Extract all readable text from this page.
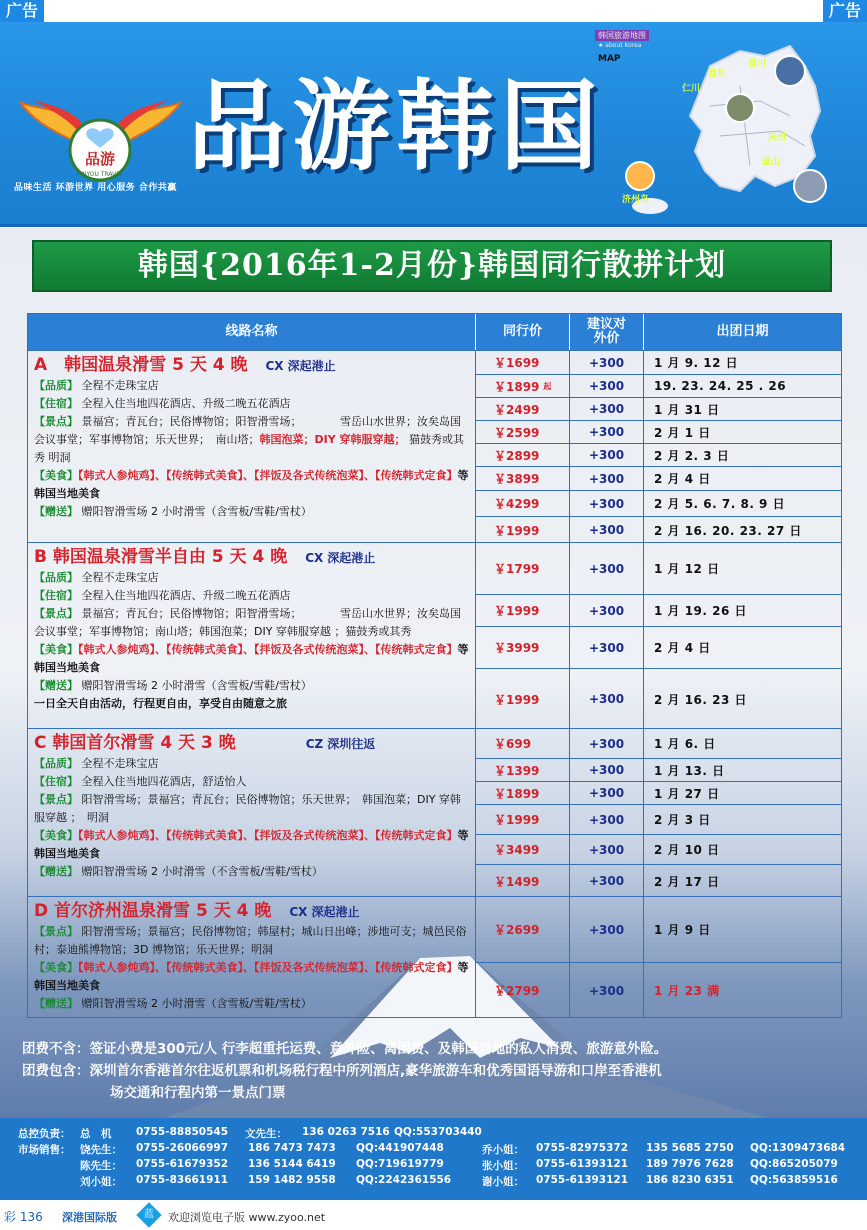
广告	广告
品游
PINYOU TRAVEL
品味生活 环游世界 用心服务 合作共赢
品游韩国
韩国旅游地图
★ about Korea
MAP
首尔
春川
仁川
庆州
釜山
济州岛
韩国{2016年1-2月份}韩国同行散拼计划
线路名称	同行价	建议对外价	出团日期
A　韩国温泉滑雪 5 天 4 晚 CX 深起港止
【品质】 全程不走珠宝店
【住宿】 全程入住当地四花酒店、升级二晚五花酒店
【景点】 景福宫；青瓦台；民俗博物馆；阳智滑雪场；　　　　雪岳山水世界；汝矣岛国会议事堂；军事博物馆；乐天世界；　南山塔；韩国泡菜；DIY 穿韩服穿越； 猫鼓秀或其秀 明洞
【美食】【韩式人参炖鸡】、【传统韩式美食】、【拌饭及各式传统泡菜】、【传统韩式定食】等韩国当地美食
【赠送】 赠阳智滑雪场 2 小时滑雪（含雪板/雪鞋/雪杖）
￥1699	+300	1 月 9. 12 日
￥1899 起	+300	19. 23. 24. 25 . 26
￥2499	+300	1 月 31 日
￥2599	+300	2 月 1 日
￥2899	+300	2 月 2. 3 日
￥3899	+300	2 月 4 日
￥4299	+300	2 月 5. 6. 7. 8. 9 日
￥1999	+300	2 月 16. 20. 23. 27 日
B 韩国温泉滑雪半自由 5 天 4 晚 CX 深起港止
【品质】 全程不走珠宝店
【住宿】 全程入住当地四花酒店、升级二晚五花酒店
【景点】 景福宫；青瓦台；民俗博物馆；阳智滑雪场；　　　　雪岳山水世界；汝矣岛国会议事堂；军事博物馆；南山塔；韩国泡菜；DIY 穿韩服穿越 ；猫鼓秀或其秀
【美食】【韩式人参炖鸡】、【传统韩式美食】、【拌饭及各式传统泡菜】、【传统韩式定食】等韩国当地美食
【赠送】 赠阳智滑雪场 2 小时滑雪（含雪板/雪鞋/雪杖）
一日全天自由活动，行程更自由，享受自由随意之旅
￥1799	+300	1 月 12 日
￥1999	+300	1 月 19. 26 日
￥3999	+300	2 月 4 日
￥1999	+300	2 月 16. 23 日
C 韩国首尔滑雪 4 天 3 晚	CZ 深圳往返
【品质】 全程不走珠宝店
【住宿】 全程入住当地四花酒店，舒适怡人
【景点】 阳智滑雪场；景福宫；青瓦台；民俗博物馆；乐天世界；　韩国泡菜；DIY 穿韩服穿越 ；　明洞
【美食】【韩式人参炖鸡】、【传统韩式美食】、【拌饭及各式传统泡菜】、【传统韩式定食】等韩国当地美食
【赠送】 赠阳智滑雪场 2 小时滑雪（不含雪板/雪鞋/雪杖）
￥699	+300	1 月 6. 日
￥1399	+300	1 月 13. 日
￥1899	+300	1 月 27 日
￥1999	+300	2 月 3 日
￥3499	+300	2 月 10 日
￥1499	+300	2 月 17 日
D 首尔济州温泉滑雪 5 天 4 晚 CX 深起港止
【景点】 阳智滑雪场；景福宫；民俗博物馆；韩屋村；城山日出峰；涉地可支；城邑民俗村；泰迪熊博物馆；3D 博物馆；乐天世界；明洞
【美食】【韩式人参炖鸡】、【传统韩式美食】、【拌饭及各式传统泡菜】、【传统韩式定食】等韩国当地美食
【赠送】 赠阳智滑雪场 2 小时滑雪（含雪板/雪鞋/雪杖）
￥2699	+300	1 月 9 日
￥2799	+300	1 月 23 满
团费不含：签证小费是300元/人 行李超重托运费、意外险、离团费、及韩国当地的私人消费、旅游意外险。
团费包含：深圳首尔香港首尔往返机票和机场税行程中所列酒店,豪华旅游车和优秀国语导游和口岸至香港机
场交通和行程内第一景点门票
总控负责： 总　机 0755-88850545 文先生： 136 0263 7516 QQ:553703440
市场销售： 饶先生： 0755-26066997 186 7473 7473 QQ:441907448
陈先生： 0755-61679352 136 5144 6419 QQ:719619779
刘小姐： 0755-83661911 159 1482 9558 QQ:2242361556
乔小姐： 0755-82975372 135 5685 2750 QQ:1309473684
张小姐： 0755-61393121 189 7976 7628 QQ:865205079
谢小姐： 0755-61393121 186 8230 6351 QQ:563859516
彩 136 深港国际版	蓝	欢迎浏览电子版 www.zyoo.net
